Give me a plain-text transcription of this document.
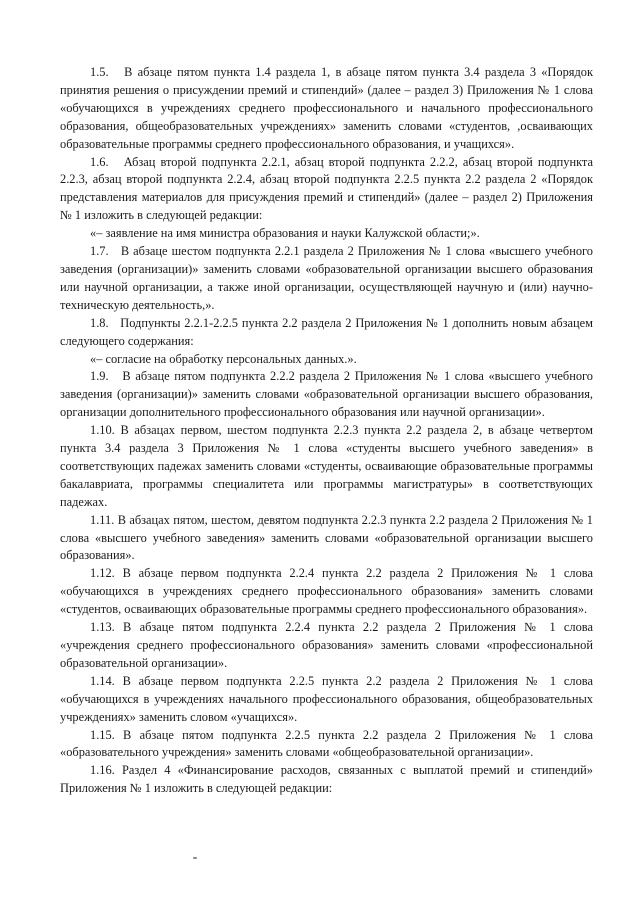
1.5.   В абзаце пятом пункта 1.4 раздела 1, в абзаце пятом пункта 3.4 раздела 3 «Порядок принятия решения о присуждении премий и стипендий» (далее – раздел 3) Приложения № 1 слова «обучающихся в учреждениях среднего профессионального и начального профессионального образования, общеобразовательных учреждениях» заменить словами «студентов, ,осваивающих образовательные программы среднего профессионального образования, и учащихся».

1.6.   Абзац второй подпункта 2.2.1, абзац второй подпункта 2.2.2, абзац второй подпункта 2.2.3, абзац второй подпункта 2.2.4, абзац второй подпункта 2.2.5 пункта 2.2 раздела 2 «Порядок представления материалов для присуждения премий и стипендий» (далее – раздел 2) Приложения № 1 изложить в следующей редакции:

«– заявление на имя министра образования и науки Калужской области;».

1.7.   В абзаце шестом подпункта 2.2.1 раздела 2 Приложения № 1 слова «высшего учебного заведения (организации)» заменить словами «образовательной организации высшего образования или научной организации, а также иной организации, осуществляющей научную и (или) научно-техническую деятельность,».

1.8.   Подпункты 2.2.1-2.2.5 пункта 2.2 раздела 2 Приложения № 1 дополнить новым абзацем следующего содержания:

«– согласие на обработку персональных данных.».

1.9.   В абзаце пятом подпункта 2.2.2 раздела 2 Приложения № 1 слова «высшего учебного заведения (организации)» заменить словами «образовательной организации высшего образования, организации дополнительного профессионального образования или научной организации».

1.10. В абзацах первом, шестом подпункта 2.2.3 пункта 2.2 раздела 2, в абзаце четвертом пункта 3.4 раздела 3 Приложения № 1 слова «студенты высшего учебного заведения» в соответствующих падежах заменить словами «студенты, осваивающие образовательные программы бакалавриата, программы специалитета или программы магистратуры» в соответствующих падежах.

1.11. В абзацах пятом, шестом, девятом подпункта 2.2.3 пункта 2.2 раздела 2 Приложения № 1 слова «высшего учебного заведения» заменить словами «образовательной организации высшего образования».

1.12. В абзаце первом подпункта 2.2.4 пункта 2.2 раздела 2 Приложения № 1 слова «обучающихся в учреждениях среднего профессионального образования» заменить словами «студентов, осваивающих образовательные программы среднего профессионального образования».

1.13. В абзаце пятом подпункта 2.2.4 пункта 2.2 раздела 2 Приложения № 1 слова «учреждения среднего профессионального образования» заменить словами «профессиональной образовательной организации».

1.14. В абзаце первом подпункта 2.2.5 пункта 2.2 раздела 2 Приложения № 1 слова «обучающихся в учреждениях начального профессионального образования, общеобразовательных учреждениях» заменить словом «учащихся».

1.15. В абзаце пятом подпункта 2.2.5 пункта 2.2 раздела 2 Приложения № 1 слова «образовательного учреждения» заменить словами «общеобразовательной организации».

1.16. Раздел 4 «Финансирование расходов, связанных с выплатой премий и стипендий» Приложения № 1 изложить в следующей редакции:
